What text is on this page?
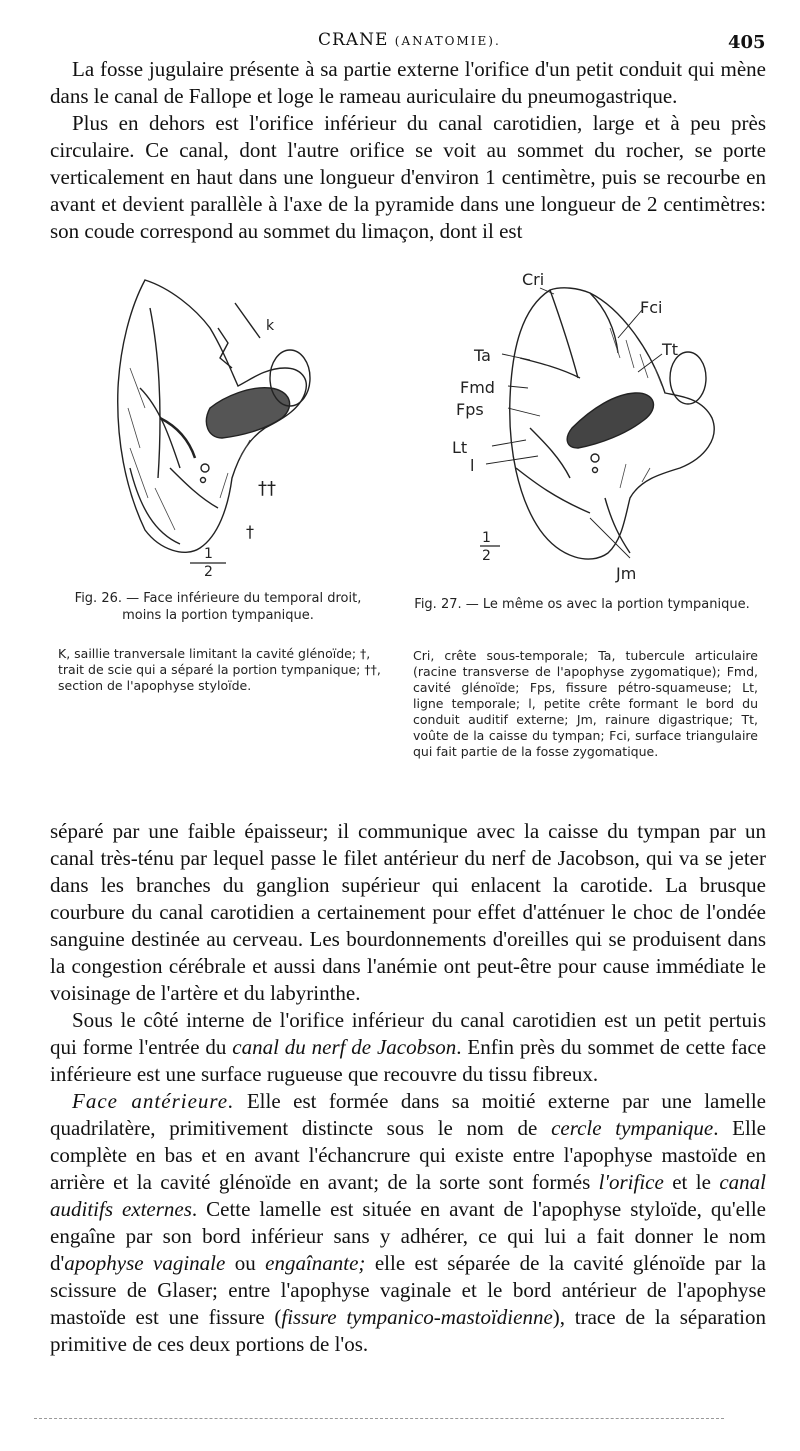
CRANE (ANATOMIE).	405

La fosse jugulaire présente à sa partie externe l'orifice d'un petit conduit qui mène dans le canal de Fallope et loge le rameau auriculaire du pneumogastrique.

Plus en dehors est l'orifice inférieur du canal carotidien, large et à peu près circulaire. Ce canal, dont l'autre orifice se voit au sommet du rocher, se porte verticalement en haut dans une longueur d'environ 1 centimètre, puis se recourbe en avant et devient parallèle à l'axe de la pyramide dans une longueur de 2 centimètres: son coude correspond au sommet du limaçon, dont il est

k
††
†
1
2
Cri
Fci
Ta	Tt
Fmd
Fps
Lt
l
1
2
Jm
Fig. 26. — Face inférieure du temporal droit, moins la portion tympanique.
K, saillie tranversale limitant la cavité glénoïde; †, trait de scie qui a séparé la portion tympanique; ††, section de l'apophyse styloïde.
Fig. 27. — Le même os avec la portion tympanique.
Cri, crête sous-temporale; Ta, tubercule articulaire (racine transverse de l'apophyse zygomatique); Fmd, cavité glénoïde; Fps, fissure pétro-squameuse; Lt, ligne temporale; l, petite crête formant le bord du conduit auditif externe; Jm, rainure digastrique; Tt, voûte de la caisse du tympan; Fci, surface triangulaire qui fait partie de la fosse zygomatique.

séparé par une faible épaisseur; il communique avec la caisse du tympan par un canal très-ténu par lequel passe le filet antérieur du nerf de Jacobson, qui va se jeter dans les branches du ganglion supérieur qui enlacent la carotide. La brusque courbure du canal carotidien a certainement pour effet d'atténuer le choc de l'ondée sanguine destinée au cerveau. Les bourdonnements d'oreilles qui se produisent dans la congestion cérébrale et aussi dans l'anémie ont peut-être pour cause immédiate le voisinage de l'artère et du labyrinthe.

Sous le côté interne de l'orifice inférieur du canal carotidien est un petit pertuis qui forme l'entrée du canal du nerf de Jacobson. Enfin près du sommet de cette face inférieure est une surface rugueuse que recouvre du tissu fibreux.

Face antérieure. Elle est formée dans sa moitié externe par une lamelle quadrilatère, primitivement distincte sous le nom de cercle tympanique. Elle complète en bas et en avant l'échancrure qui existe entre l'apophyse mastoïde en arrière et la cavité glénoïde en avant; de la sorte sont formés l'orifice et le canal auditifs externes. Cette lamelle est située en avant de l'apophyse styloïde, qu'elle engaîne par son bord inférieur sans y adhérer, ce qui lui a fait donner le nom d'apophyse vaginale ou engaînante; elle est séparée de la cavité glénoïde par la scissure de Glaser; entre l'apophyse vaginale et le bord antérieur de l'apophyse mastoïde est une fissure (fissure tympanico-mastoïdienne), trace de la séparation primitive de ces deux portions de l'os.
